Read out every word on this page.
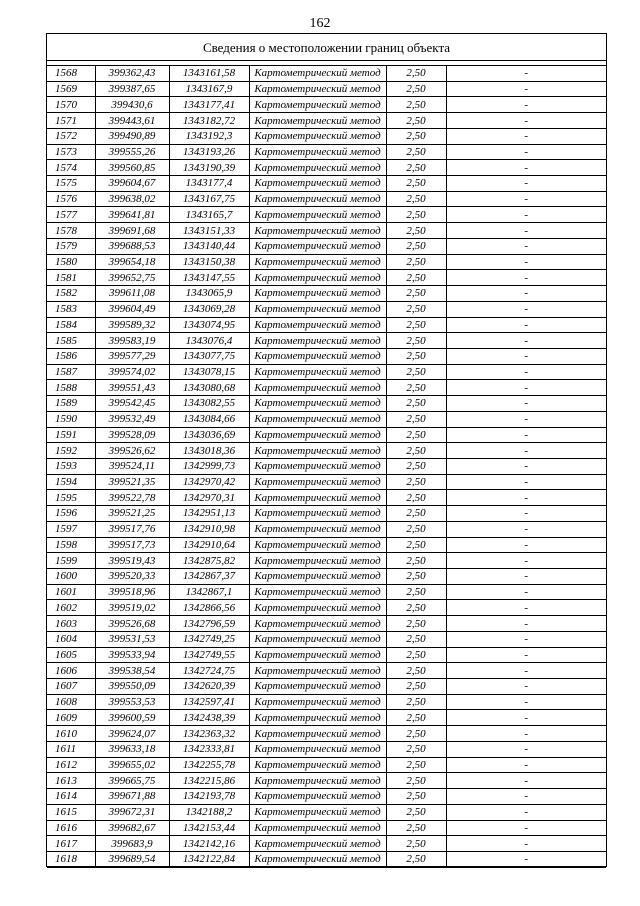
162
Сведения о местоположении границ объекта
1568	399362,43	1343161,58	Картометрический метод	2,50	-
1569	399387,65	1343167,9	Картометрический метод	2,50	-
1570	399430,6	1343177,41	Картометрический метод	2,50	-
1571	399443,61	1343182,72	Картометрический метод	2,50	-
1572	399490,89	1343192,3	Картометрический метод	2,50	-
1573	399555,26	1343193,26	Картометрический метод	2,50	-
1574	399560,85	1343190,39	Картометрический метод	2,50	-
1575	399604,67	1343177,4	Картометрический метод	2,50	-
1576	399638,02	1343167,75	Картометрический метод	2,50	-
1577	399641,81	1343165,7	Картометрический метод	2,50	-
1578	399691,68	1343151,33	Картометрический метод	2,50	-
1579	399688,53	1343140,44	Картометрический метод	2,50	-
1580	399654,18	1343150,38	Картометрический метод	2,50	-
1581	399652,75	1343147,55	Картометрический метод	2,50	-
1582	399611,08	1343065,9	Картометрический метод	2,50	-
1583	399604,49	1343069,28	Картометрический метод	2,50	-
1584	399589,32	1343074,95	Картометрический метод	2,50	-
1585	399583,19	1343076,4	Картометрический метод	2,50	-
1586	399577,29	1343077,75	Картометрический метод	2,50	-
1587	399574,02	1343078,15	Картометрический метод	2,50	-
1588	399551,43	1343080,68	Картометрический метод	2,50	-
1589	399542,45	1343082,55	Картометрический метод	2,50	-
1590	399532,49	1343084,66	Картометрический метод	2,50	-
1591	399528,09	1343036,69	Картометрический метод	2,50	-
1592	399526,62	1343018,36	Картометрический метод	2,50	-
1593	399524,11	1342999,73	Картометрический метод	2,50	-
1594	399521,35	1342970,42	Картометрический метод	2,50	-
1595	399522,78	1342970,31	Картометрический метод	2,50	-
1596	399521,25	1342951,13	Картометрический метод	2,50	-
1597	399517,76	1342910,98	Картометрический метод	2,50	-
1598	399517,73	1342910,64	Картометрический метод	2,50	-
1599	399519,43	1342875,82	Картометрический метод	2,50	-
1600	399520,33	1342867,37	Картометрический метод	2,50	-
1601	399518,96	1342867,1	Картометрический метод	2,50	-
1602	399519,02	1342866,56	Картометрический метод	2,50	-
1603	399526,68	1342796,59	Картометрический метод	2,50	-
1604	399531,53	1342749,25	Картометрический метод	2,50	-
1605	399533,94	1342749,55	Картометрический метод	2,50	-
1606	399538,54	1342724,75	Картометрический метод	2,50	-
1607	399550,09	1342620,39	Картометрический метод	2,50	-
1608	399553,53	1342597,41	Картометрический метод	2,50	-
1609	399600,59	1342438,39	Картометрический метод	2,50	-
1610	399624,07	1342363,32	Картометрический метод	2,50	-
1611	399633,18	1342333,81	Картометрический метод	2,50	-
1612	399655,02	1342255,78	Картометрический метод	2,50	-
1613	399665,75	1342215,86	Картометрический метод	2,50	-
1614	399671,88	1342193,78	Картометрический метод	2,50	-
1615	399672,31	1342188,2	Картометрический метод	2,50	-
1616	399682,67	1342153,44	Картометрический метод	2,50	-
1617	399683,9	1342142,16	Картометрический метод	2,50	-
1618	399689,54	1342122,84	Картометрический метод	2,50	-
